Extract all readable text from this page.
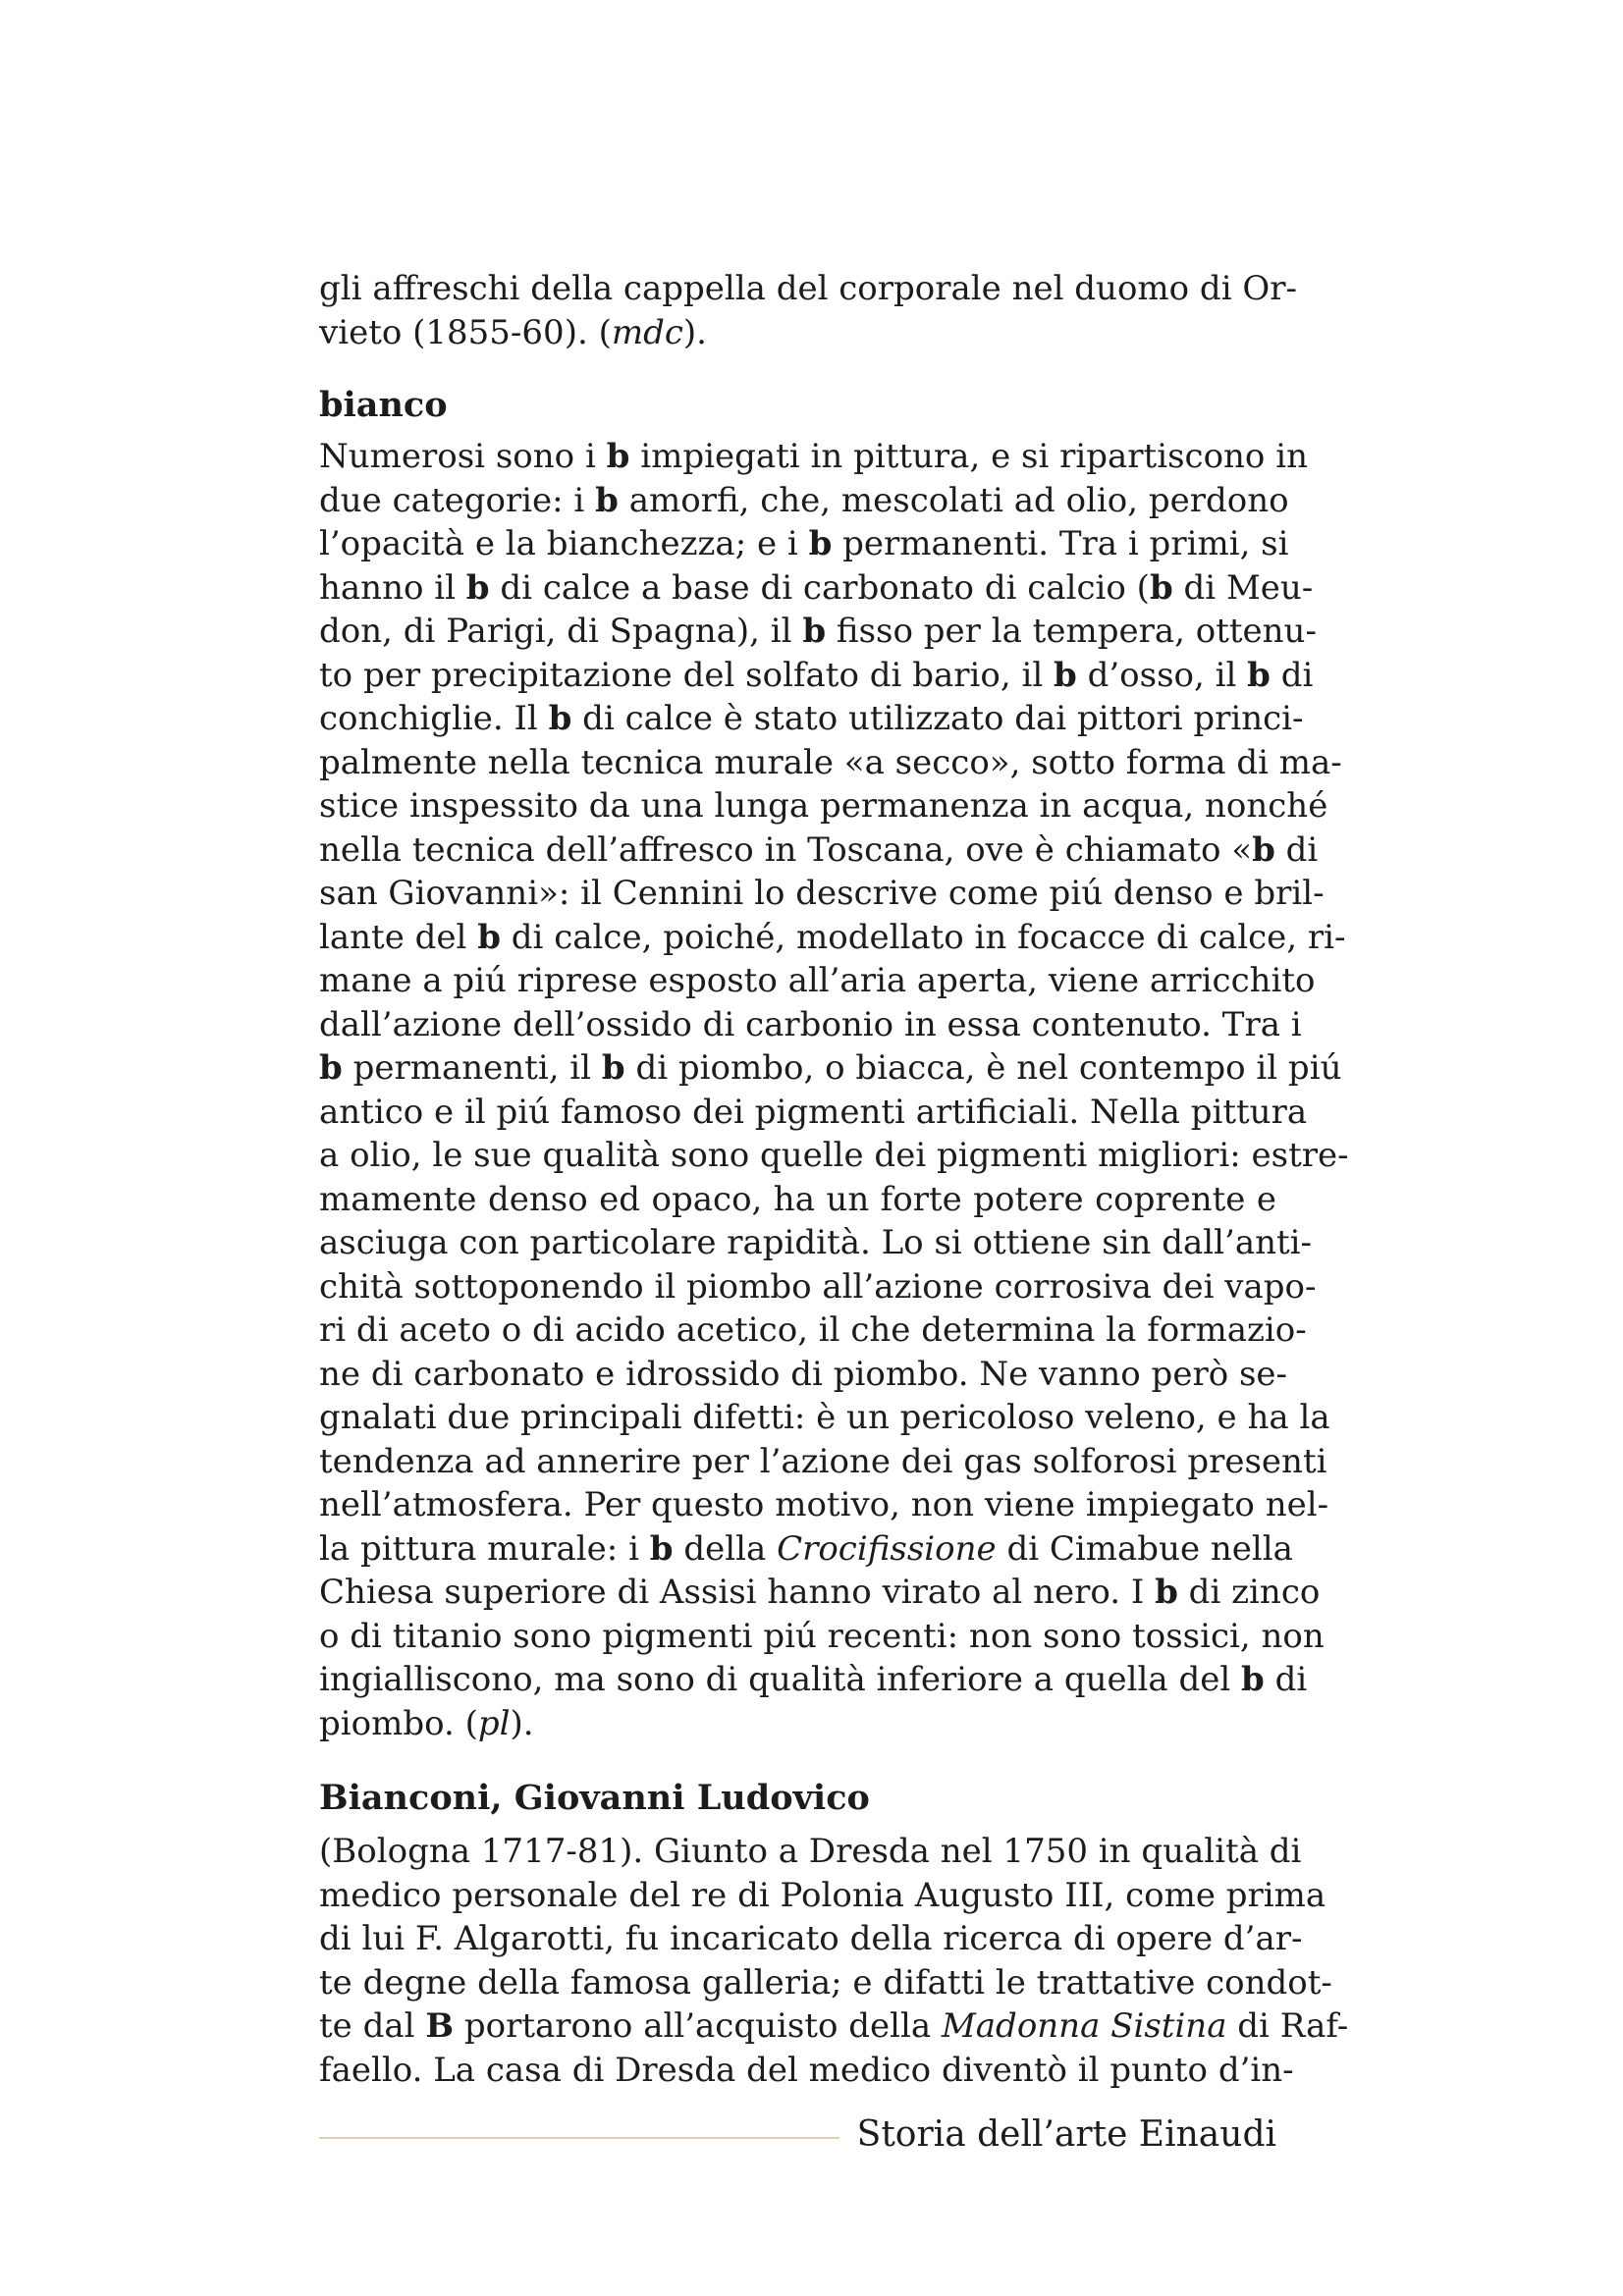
gli affreschi della cappella del corporale nel duomo di Or-
vieto (1855-60). (mdc).

bianco

Numerosi sono i b impiegati in pittura, e si ripartiscono in
due categorie: i b amorfi, che, mescolati ad olio, perdono
l’opacità e la bianchezza; e i b permanenti. Tra i primi, si
hanno il b di calce a base di carbonato di calcio (b di Meu-
don, di Parigi, di Spagna), il b fisso per la tempera, ottenu-
to per precipitazione del solfato di bario, il b d’osso, il b di
conchiglie. Il b di calce è stato utilizzato dai pittori princi-
palmente nella tecnica murale «a secco», sotto forma di ma-
stice inspessito da una lunga permanenza in acqua, nonché
nella tecnica dell’affresco in Toscana, ove è chiamato «b di
san Giovanni»: il Cennini lo descrive come piú denso e bril-
lante del b di calce, poiché, modellato in focacce di calce, ri-
mane a piú riprese esposto all’aria aperta, viene arricchito
dall’azione dell’ossido di carbonio in essa contenuto. Tra i
b permanenti, il b di piombo, o biacca, è nel contempo il piú
antico e il piú famoso dei pigmenti artificiali. Nella pittura
a olio, le sue qualità sono quelle dei pigmenti migliori: estre-
mamente denso ed opaco, ha un forte potere coprente e
asciuga con particolare rapidità. Lo si ottiene sin dall’anti-
chità sottoponendo il piombo all’azione corrosiva dei vapo-
ri di aceto o di acido acetico, il che determina la formazio-
ne di carbonato e idrossido di piombo. Ne vanno però se-
gnalati due principali difetti: è un pericoloso veleno, e ha la
tendenza ad annerire per l’azione dei gas solforosi presenti
nell’atmosfera. Per questo motivo, non viene impiegato nel-
la pittura murale: i b della Crocifissione di Cimabue nella
Chiesa superiore di Assisi hanno virato al nero. I b di zinco
o di titanio sono pigmenti piú recenti: non sono tossici, non
ingialliscono, ma sono di qualità inferiore a quella del b di
piombo. (pl).

Bianconi, Giovanni Ludovico

(Bologna 1717-81). Giunto a Dresda nel 1750 in qualità di
medico personale del re di Polonia Augusto III, come prima
di lui F. Algarotti, fu incaricato della ricerca di opere d’ar-
te degne della famosa galleria; e difatti le trattative condot-
te dal B portarono all’acquisto della Madonna Sistina di Raf-
faello. La casa di Dresda del medico diventò il punto d’in-

Storia dell’arte Einaudi
